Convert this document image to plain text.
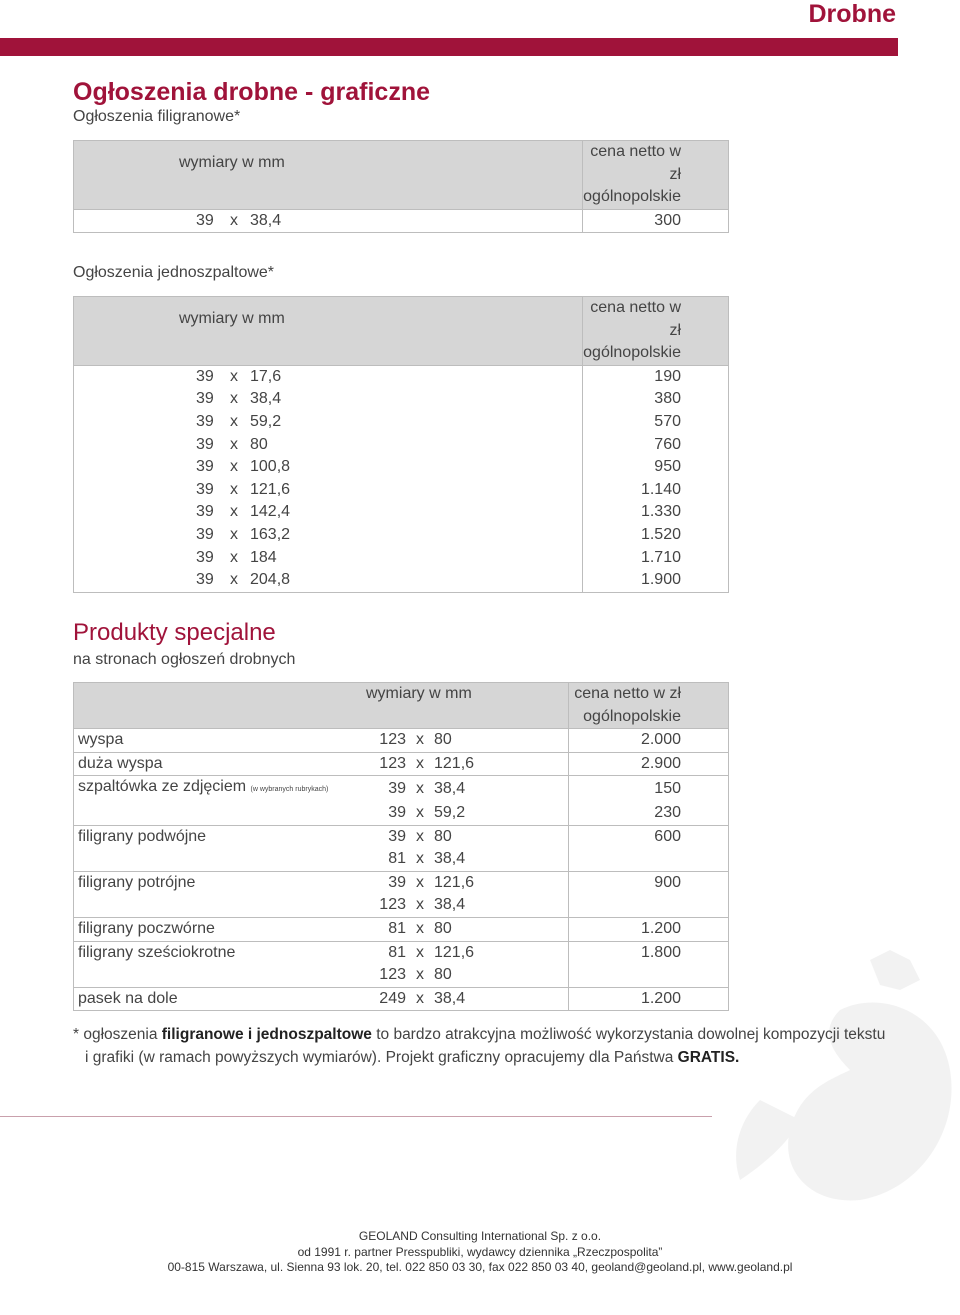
Drobne
Ogłoszenia drobne - graficzne
Ogłoszenia filigranowe*
wymiary w mm	cena netto w zł
	ogólnopolskie
39 x 38,4	300
Ogłoszenia jednoszpaltowe*
wymiary w mm	cena netto w zł
	ogólnopolskie
39 x 17,6	190
39 x 38,4	380
39 x 59,2	570
39 x 80	760
39 x 100,8	950
39 x 121,6	1.140
39 x 142,4	1.330
39 x 163,2	1.520
39 x 184	1.710
39 x 204,8	1.900
Produkty specjalne
na stronach ogłoszeń drobnych
	wymiary w mm	cena netto w zł
		ogólnopolskie
wyspa	123 x 80	2.000
duża wyspa	123 x 121,6	2.900
szpaltówka ze zdjęciem (w wybranych rubrykach)	39 x 38,4	150
	39 x 59,2	230
filigrany podwójne	39 x 80	600
	81 x 38,4	
filigrany potrójne	39 x 121,6	900
	123 x 38,4	
filigrany poczwórne	81 x 80	1.200
filigrany sześciokrotne	81 x 121,6	1.800
	123 x 80	
pasek na dole	249 x 38,4	1.200
* ogłoszenia filigranowe i jednoszpaltowe to bardzo atrakcyjna możliwość wykorzystania dowolnej kompozycji tekstu
i grafiki (w ramach powyższych wymiarów). Projekt graficzny opracujemy dla Państwa GRATIS.
GEOLAND Consulting International Sp. z o.o.
od 1991 r. partner Presspubliki, wydawcy dziennika „Rzeczpospolita”
00-815 Warszawa, ul. Sienna 93 lok. 20, tel. 022 850 03 30, fax 022 850 03 40, geoland@geoland.pl, www.geoland.pl
